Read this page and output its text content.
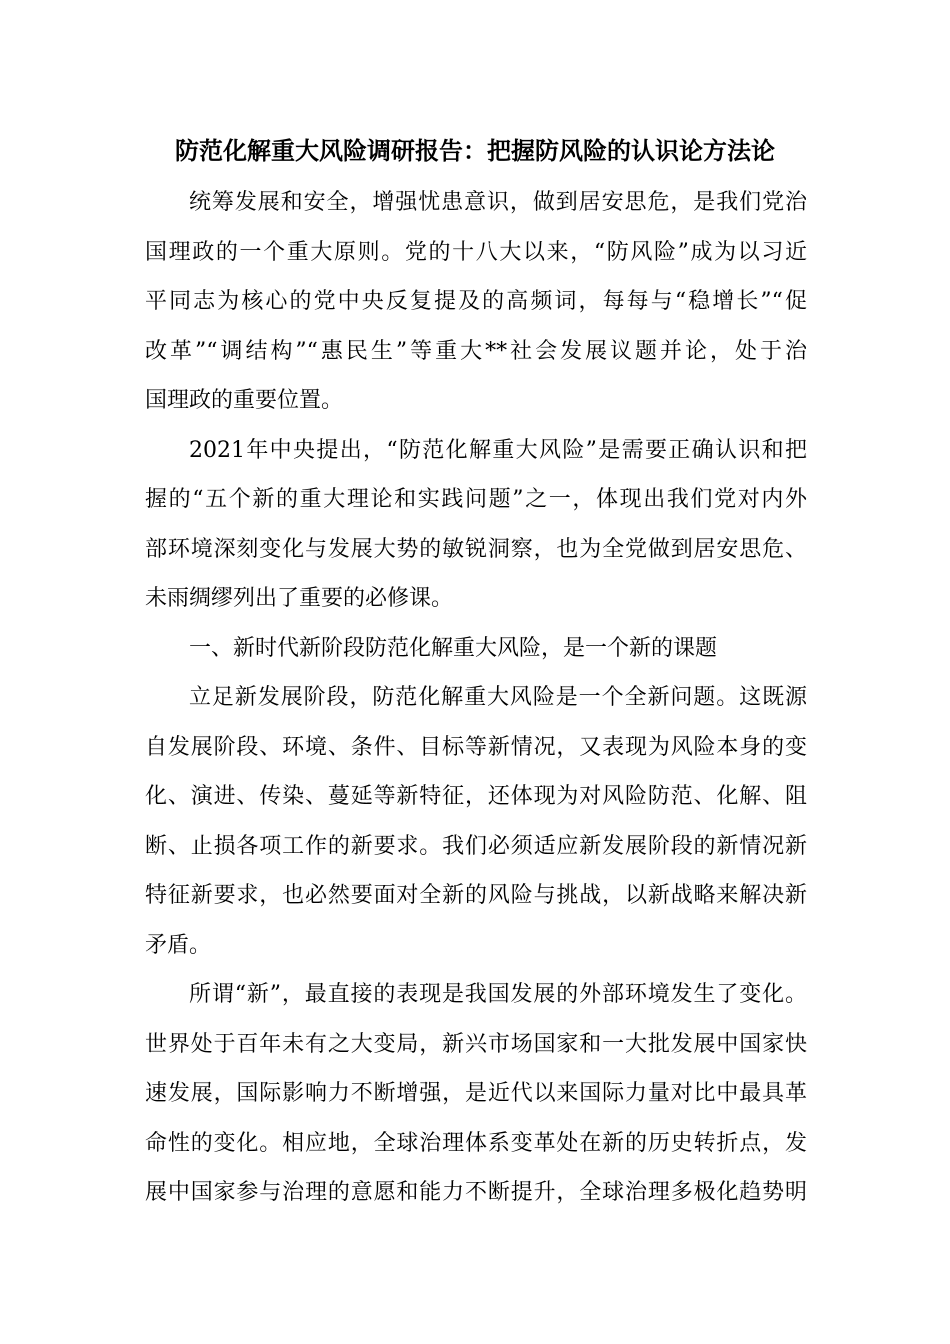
防范化解重大风险调研报告：把握防风险的认识论方法论
统筹发展和安全，增强忧患意识，做到居安思危，是我们党治
国理政的一个重大原则。党的十八大以来，“防风险”成为以习近
平同志为核心的党中央反复提及的高频词，每每与“稳增长”“促
改革”“调结构”“惠民生”等重大**社会发展议题并论，处于治
国理政的重要位置。
2021年中央提出，“防范化解重大风险”是需要正确认识和把
握的“五个新的重大理论和实践问题”之一，体现出我们党对内外
部环境深刻变化与发展大势的敏锐洞察，也为全党做到居安思危、
未雨绸缪列出了重要的必修课。
一、新时代新阶段防范化解重大风险，是一个新的课题
立足新发展阶段，防范化解重大风险是一个全新问题。这既源
自发展阶段、环境、条件、目标等新情况，又表现为风险本身的变
化、演进、传染、蔓延等新特征，还体现为对风险防范、化解、阻
断、止损各项工作的新要求。我们必须适应新发展阶段的新情况新
特征新要求，也必然要面对全新的风险与挑战，以新战略来解决新
矛盾。
所谓“新”，最直接的表现是我国发展的外部环境发生了变化。
世界处于百年未有之大变局，新兴市场国家和一大批发展中国家快
速发展，国际影响力不断增强，是近代以来国际力量对比中最具革
命性的变化。相应地，全球治理体系变革处在新的历史转折点，发
展中国家参与治理的意愿和能力不断提升，全球治理多极化趋势明
